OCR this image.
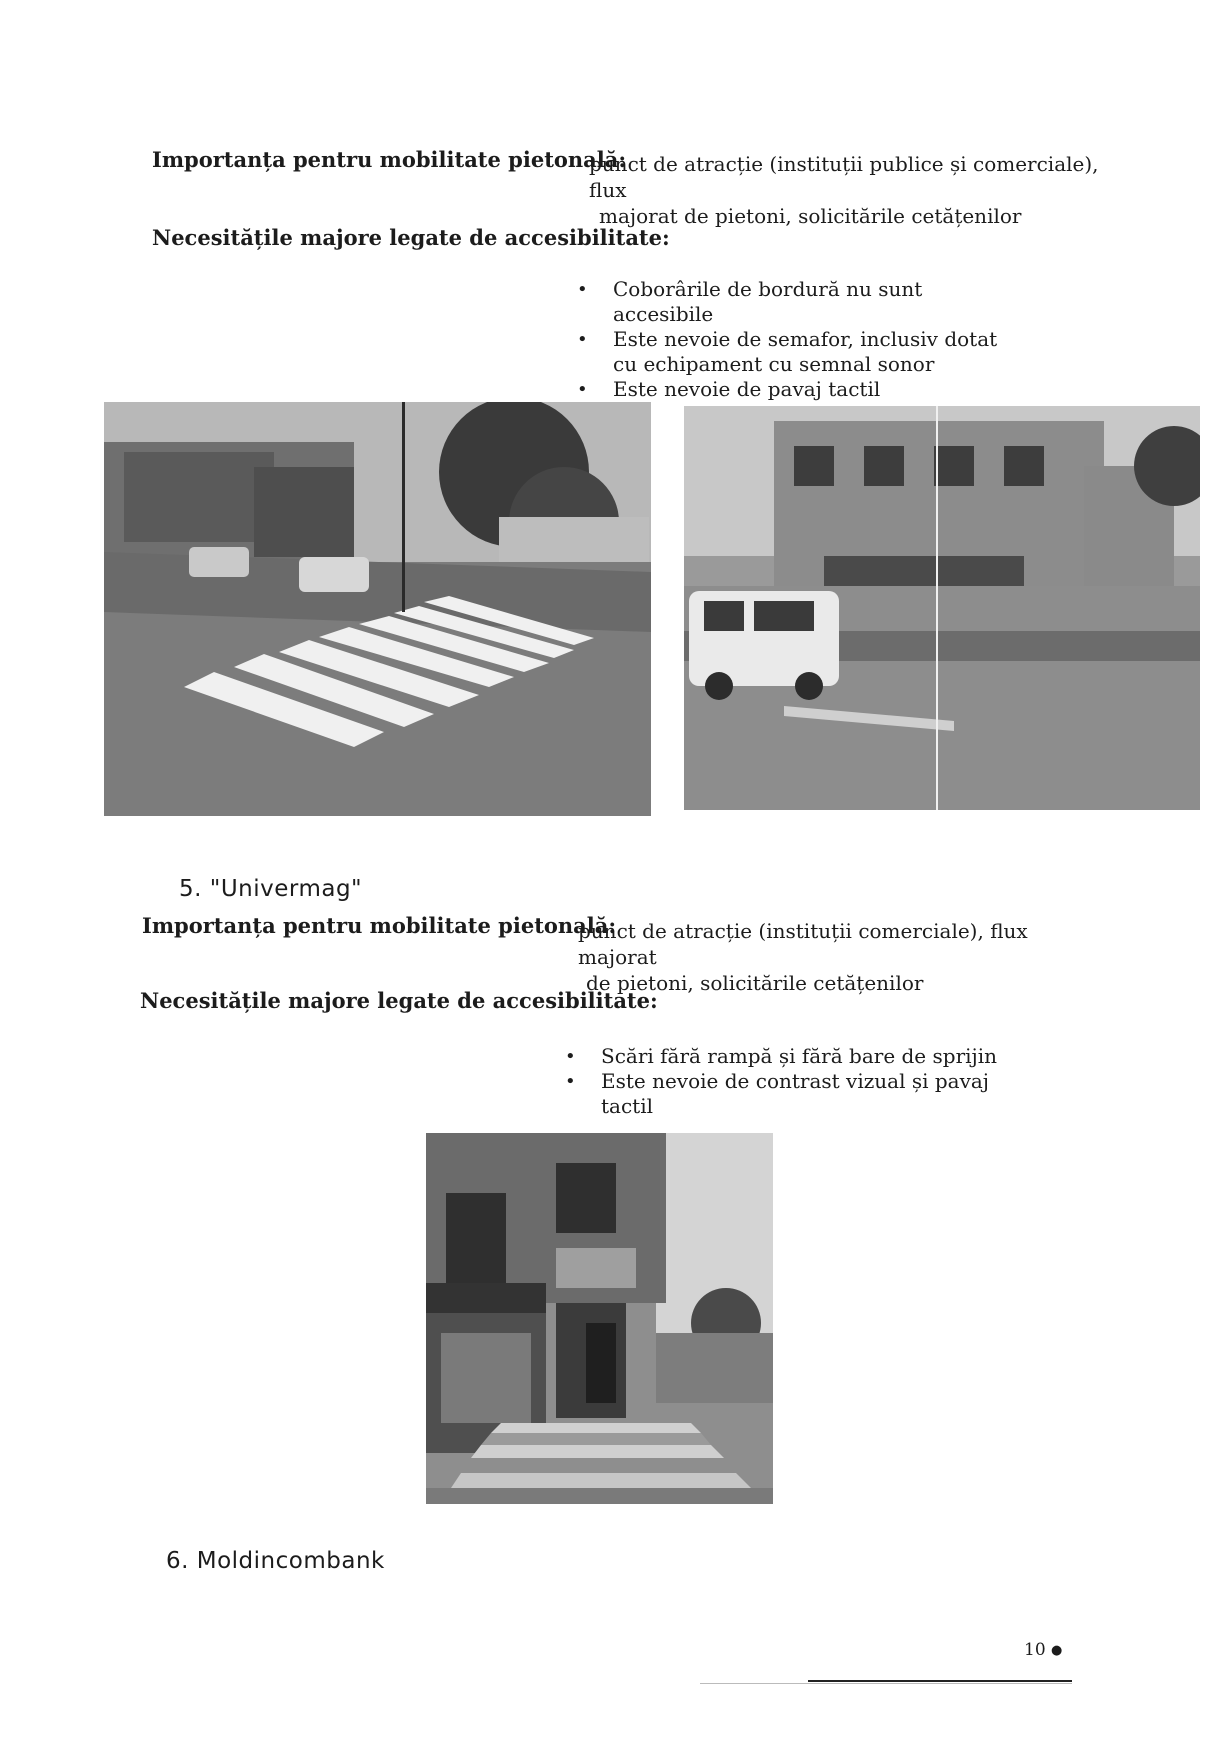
Importanța pentru mobilitate pietonală:
punct de atracție (instituții publice și comerciale), flux
majorat de pietoni, solicitările cetățenilor
Necesitățile majore legate de accesibilitate:
• Coborârile de bordură nu sunt accesibile
• Este nevoie de semafor, inclusiv dotat cu echipament cu semnal sonor
• Este nevoie de pavaj tactil
5. "Univermag"
Importanța pentru mobilitate pietonală:
punct de atracție (instituții comerciale), flux majorat
de pietoni, solicitările cetățenilor
Necesitățile majore legate de accesibilitate:
• Scări fără rampă și fără bare de sprijin
• Este nevoie de contrast vizual și pavaj tactil
6. Moldincombank
10 ●
